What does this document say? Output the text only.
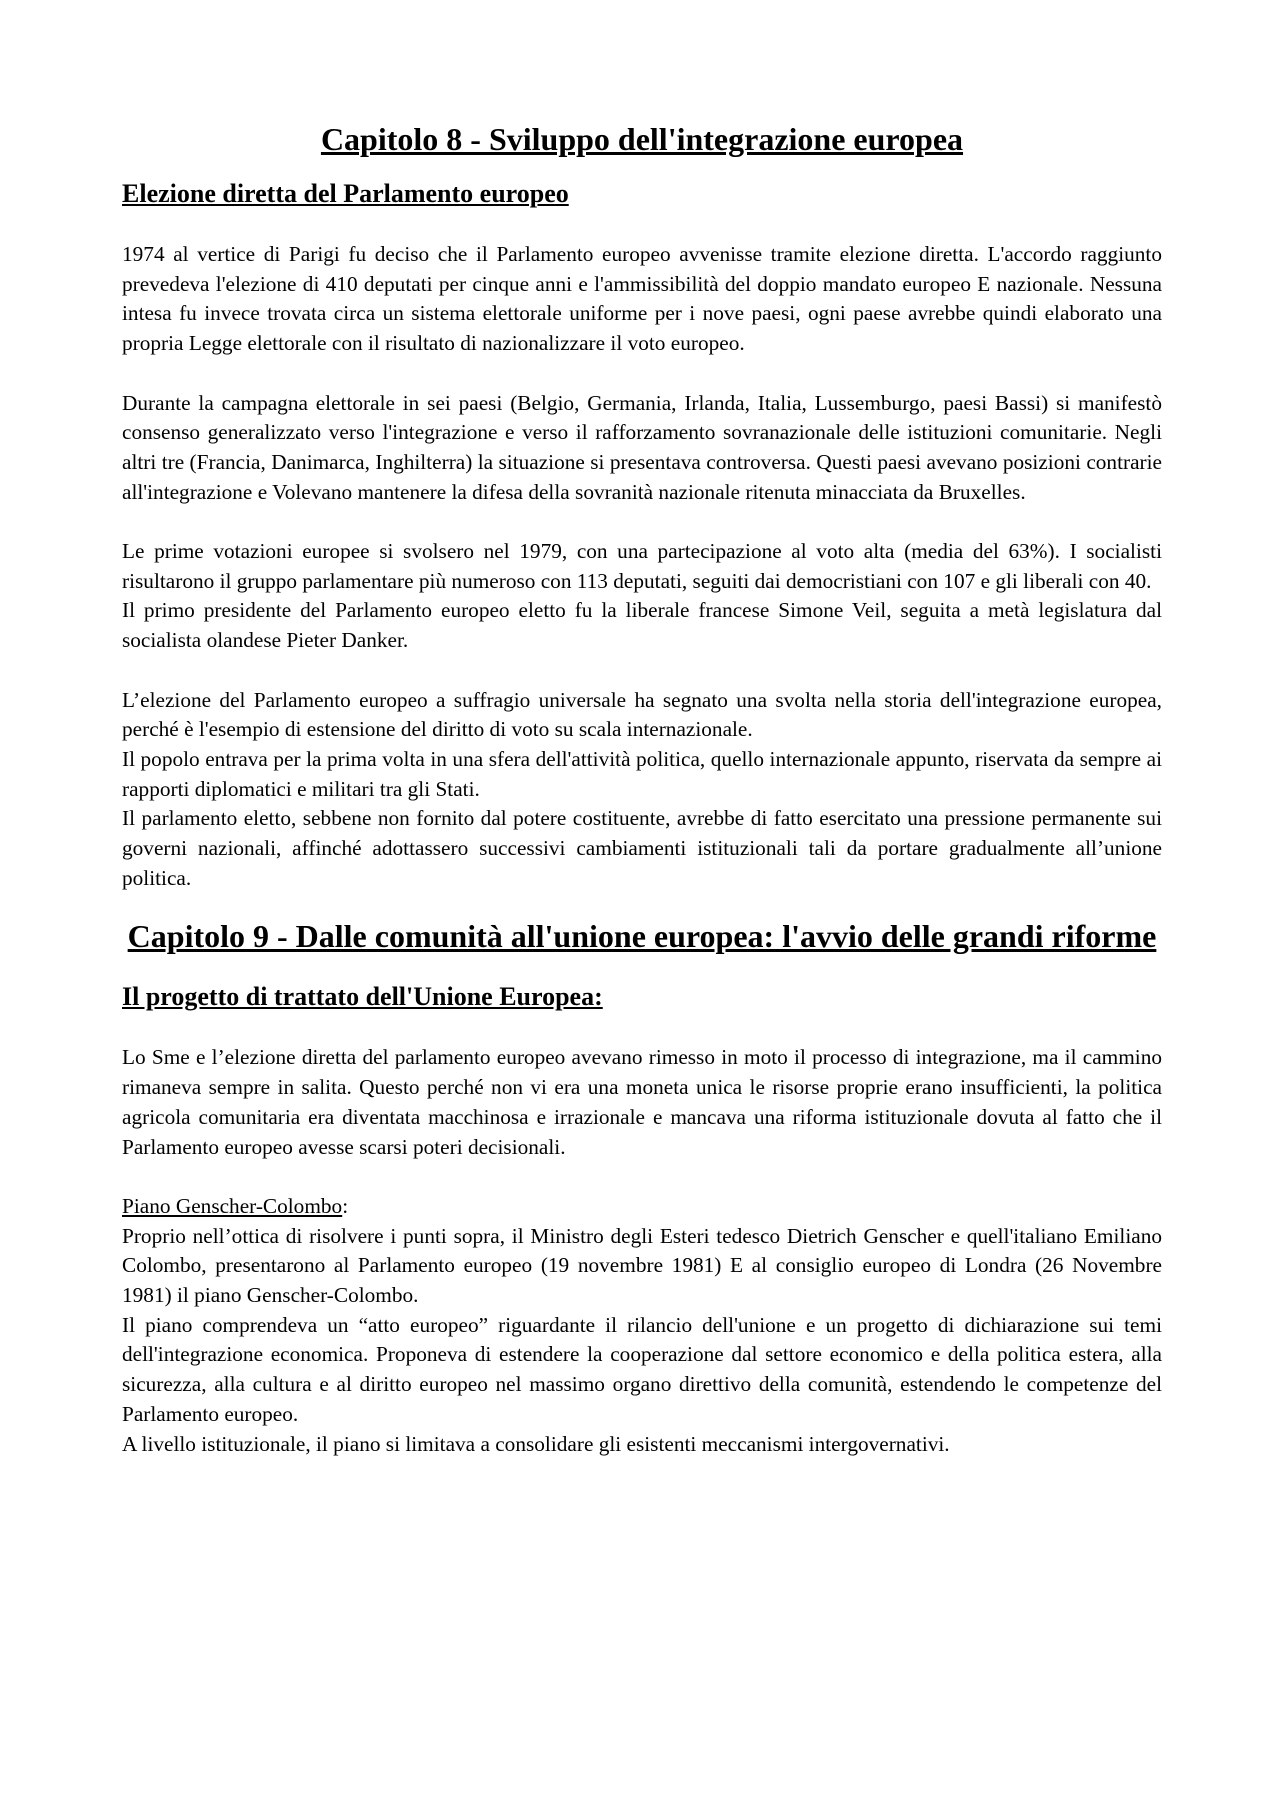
Capitolo 8 - Sviluppo dell'integrazione europea
Elezione diretta del Parlamento europeo

1974 al vertice di Parigi fu deciso che il Parlamento europeo avvenisse tramite elezione diretta. L'accordo raggiunto prevedeva l'elezione di 410 deputati per cinque anni e l'ammissibilità del doppio mandato europeo E nazionale. Nessuna intesa fu invece trovata circa un sistema elettorale uniforme per i nove paesi, ogni paese avrebbe quindi elaborato una propria Legge elettorale con il risultato di nazionalizzare il voto europeo.

Durante la campagna elettorale in sei paesi (Belgio, Germania, Irlanda, Italia, Lussemburgo, paesi Bassi) si manifestò consenso generalizzato verso l'integrazione e verso il rafforzamento sovranazionale delle istituzioni comunitarie. Negli altri tre (Francia, Danimarca, Inghilterra) la situazione si presentava controversa. Questi paesi avevano posizioni contrarie all'integrazione e Volevano mantenere la difesa della sovranità nazionale ritenuta minacciata da Bruxelles.

Le prime votazioni europee si svolsero nel 1979, con una partecipazione al voto alta (media del 63%). I socialisti risultarono il gruppo parlamentare più numeroso con 113 deputati, seguiti dai democristiani con 107 e gli liberali con 40.

Il primo presidente del Parlamento europeo eletto fu la liberale francese Simone Veil, seguita a metà legislatura dal socialista olandese Pieter Danker.

L’elezione del Parlamento europeo a suffragio universale ha segnato una svolta nella storia dell'integrazione europea, perché è l'esempio di estensione del diritto di voto su scala internazionale.

Il popolo entrava per la prima volta in una sfera dell'attività politica, quello internazionale appunto, riservata da sempre ai rapporti diplomatici e militari tra gli Stati.

Il parlamento eletto, sebbene non fornito dal potere costituente, avrebbe di fatto esercitato una pressione permanente sui governi nazionali, affinché adottassero successivi cambiamenti istituzionali tali da portare gradualmente all’unione politica.

Capitolo 9 - Dalle comunità all'unione europea: l'avvio delle grandi riforme
Il progetto di trattato dell'Unione Europea:

Lo Sme e l’elezione diretta del parlamento europeo avevano rimesso in moto il processo di integrazione, ma il cammino rimaneva sempre in salita. Questo perché non vi era una moneta unica le risorse proprie erano insufficienti, la politica agricola comunitaria era diventata macchinosa e irrazionale e mancava una riforma istituzionale dovuta al fatto che il Parlamento europeo avesse scarsi poteri decisionali.

Piano Genscher-Colombo:

Proprio nell’ottica di risolvere i punti sopra, il Ministro degli Esteri tedesco Dietrich Genscher e quell'italiano Emiliano Colombo, presentarono al Parlamento europeo (19 novembre 1981) E al consiglio europeo di Londra (26 Novembre 1981) il piano Genscher-Colombo.

Il piano comprendeva un “atto europeo” riguardante il rilancio dell'unione e un progetto di dichiarazione sui temi dell'integrazione economica. Proponeva di estendere la cooperazione dal settore economico e della politica estera, alla sicurezza, alla cultura e al diritto europeo nel massimo organo direttivo della comunità, estendendo le competenze del Parlamento europeo.

A livello istituzionale, il piano si limitava a consolidare gli esistenti meccanismi intergovernativi.
